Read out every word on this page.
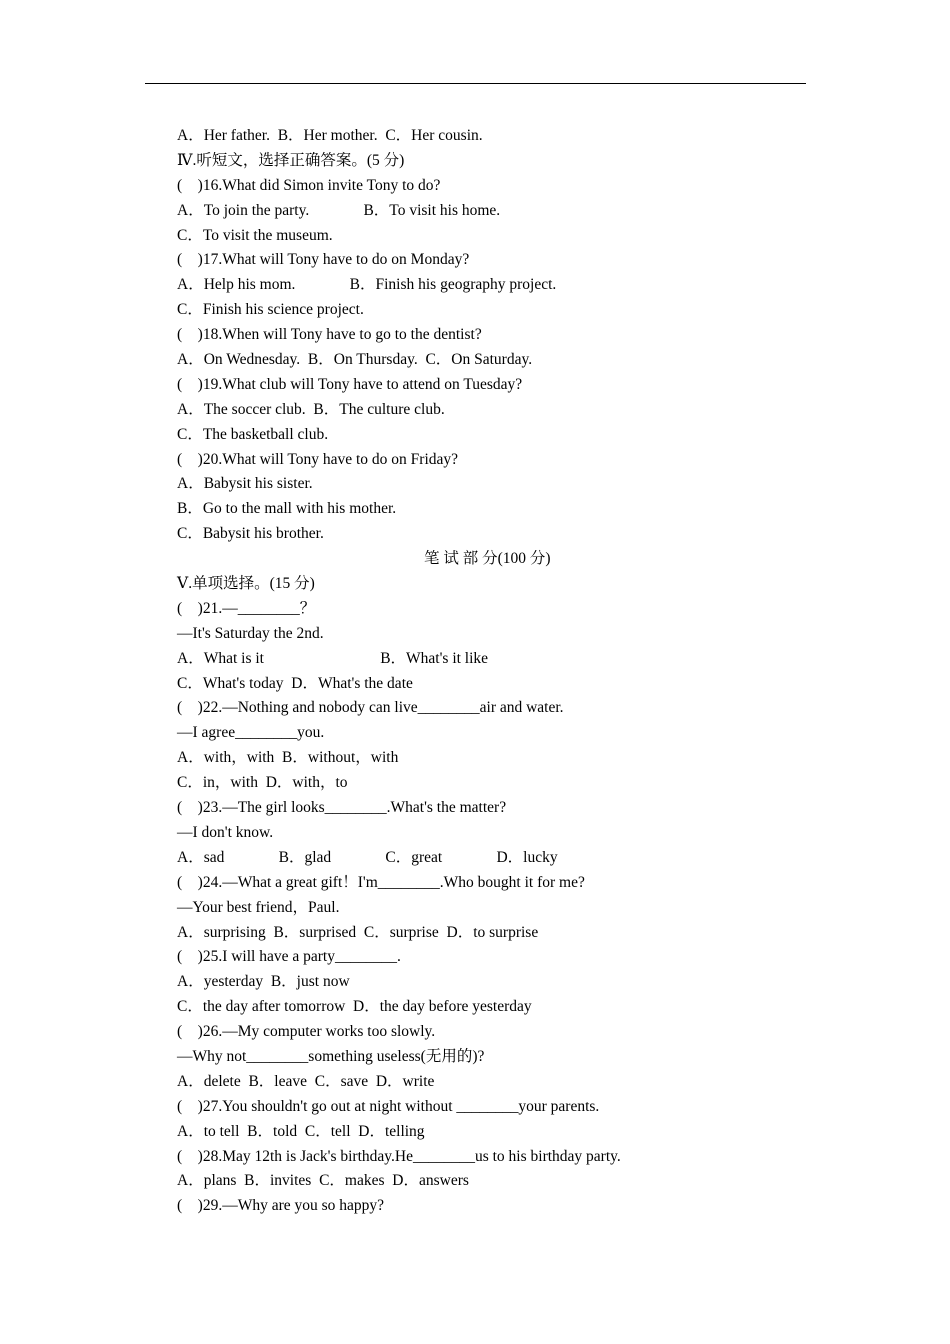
A．Her father.  B．Her mother.  C．Her cousin.
Ⅳ.听短文，选择正确答案。(5 分)
(    )16.What did Simon invite Tony to do?
A．To join the party.              B．To visit his home.
C．To visit the museum.
(    )17.What will Tony have to do on Monday?
A．Help his mom.              B．Finish his geography project.
C．Finish his science project.
(    )18.When will Tony have to go to the dentist?
A．On Wednesday.  B．On Thursday.  C．On Saturday.
(    )19.What club will Tony have to attend on Tuesday?
A．The soccer club.  B．The culture club.
C．The basketball club.
(    )20.What will Tony have to do on Friday?
A．Babysit his sister.
B．Go to the mall with his mother.
C．Babysit his brother.
笔 试 部 分(100 分)
Ⅴ.单项选择。(15 分)
(    )21.—________？
—It's Saturday the 2nd.
A．What is it                              B．What's it like
C．What's today  D．What's the date
(    )22.—Nothing and nobody can live________air and water.
—I agree________you.
A．with，with  B．without，with
C．in，with  D．with，to
(    )23.—The girl looks________.What's the matter?
—I don't know.
A．sad              B．glad              C．great              D．lucky
(    )24.—What a great gift！I'm________.Who bought it for me?
—Your best friend，Paul.
A．surprising  B．surprised  C．surprise  D．to surprise
(    )25.I will have a party________.
A．yesterday  B．just now
C．the day after tomorrow  D．the day before yesterday
(    )26.—My computer works too slowly.
—Why not________something useless(无用的)?
A．delete  B．leave  C．save  D．write
(    )27.You shouldn't go out at night without ________your parents.
A．to tell  B．told  C．tell  D．telling
(    )28.May 12th is Jack's birthday.He________us to his birthday party.
A．plans  B．invites  C．makes  D．answers
(    )29.—Why are you so happy?
